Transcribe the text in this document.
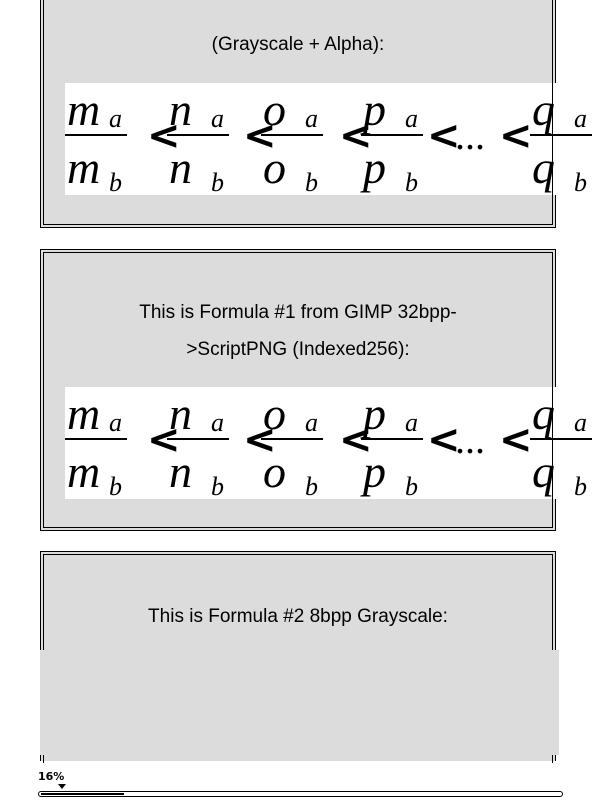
(Grayscale + Alpha):
m a
m b
n a
n b
o a
o b
p a
p b
q a
q b
< < < <
... <
This is Formula #1 from GIMP 32bpp-
>ScriptPNG (Indexed256):
m a
m b
n a
n b
o a
o b
p a
p b
q a
q b
< < < <
... <
This is Formula #2 8bpp Grayscale:
16%
